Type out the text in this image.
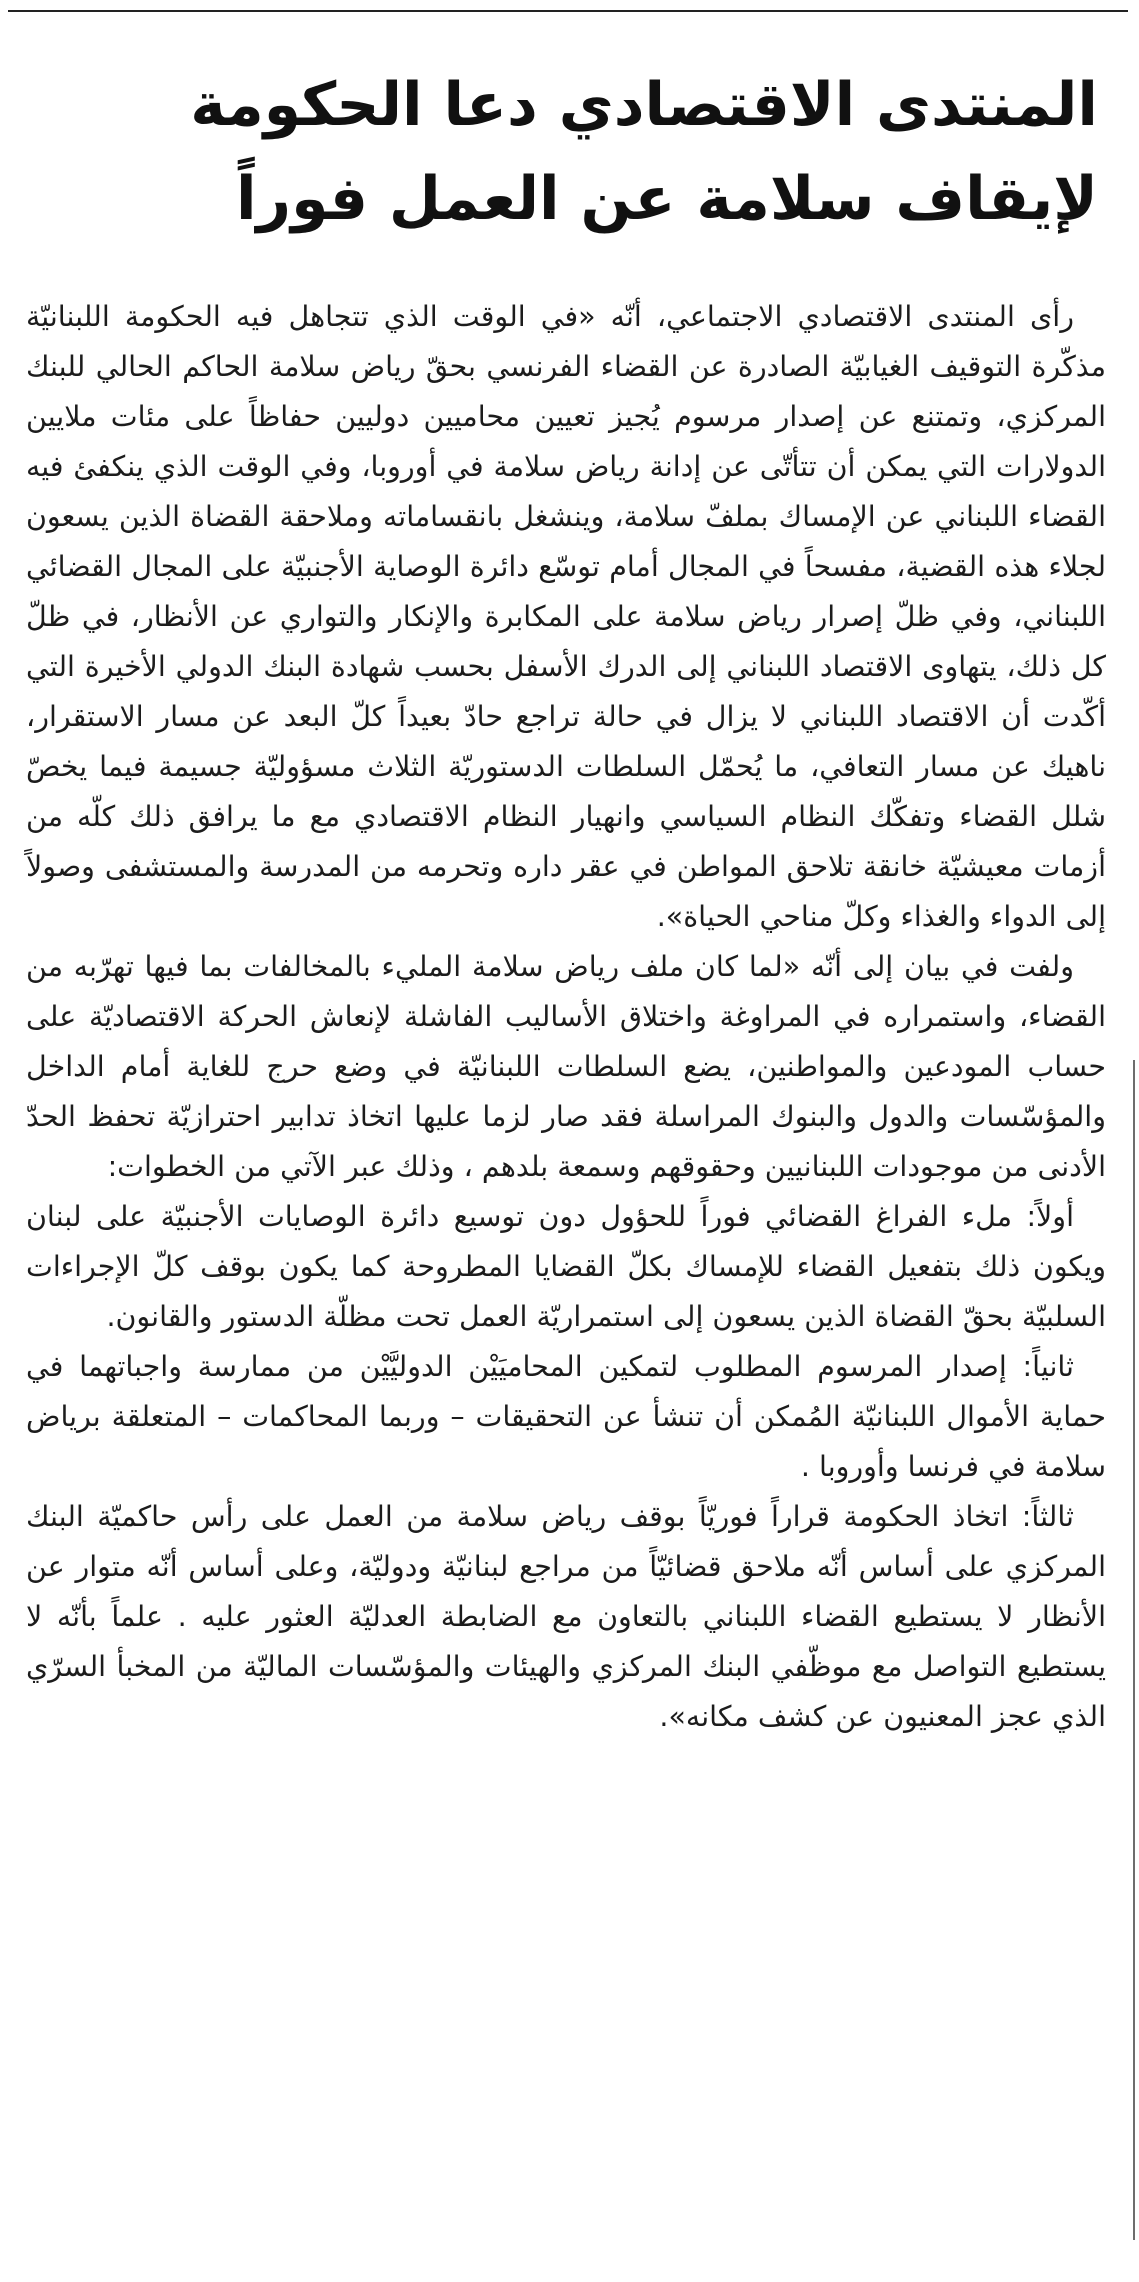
المنتدى الاقتصادي دعا الحكومة
لإيقاف سلامة عن العمل فوراً

رأى المنتدى الاقتصادي الاجتماعي، أنّه «في الوقت الذي تتجاهل فيه الحكومة اللبنانيّة مذكّرة التوقيف الغيابيّة الصادرة عن القضاء الفرنسي بحقّ رياض سلامة الحاكم الحالي للبنك المركزي، وتمتنع عن إصدار مرسوم يُجيز تعيين محاميين دوليين حفاظاً على مئات ملايين الدولارات التي يمكن أن تتأتّى عن إدانة رياض سلامة في أوروبا، وفي الوقت الذي ينكفئ فيه القضاء اللبناني عن الإمساك بملفّ سلامة، وينشغل بانقساماته وملاحقة القضاة الذين يسعون لجلاء هذه القضية، مفسحاً في المجال أمام توسّع دائرة الوصاية الأجنبيّة على المجال القضائي اللبناني، وفي ظلّ إصرار رياض سلامة على المكابرة والإنكار والتواري عن الأنظار، في ظلّ كل ذلك، يتهاوى الاقتصاد اللبناني إلى الدرك الأسفل بحسب شهادة البنك الدولي الأخيرة التي أكّدت أن الاقتصاد اللبناني لا يزال في حالة تراجع حادّ بعيداً كلّ البعد عن مسار الاستقرار، ناهيك عن مسار التعافي، ما يُحمّل السلطات الدستوريّة الثلاث مسؤوليّة جسيمة فيما يخصّ شلل القضاء وتفكّك النظام السياسي وانهيار النظام الاقتصادي مع ما يرافق ذلك كلّه من أزمات معيشيّة خانقة تلاحق المواطن في عقر داره وتحرمه من المدرسة والمستشفى وصولاً إلى الدواء والغذاء وكلّ مناحي الحياة».

ولفت في بيان إلى أنّه «لما كان ملف رياض سلامة المليء بالمخالفات بما فيها تهرّبه من القضاء، واستمراره في المراوغة واختلاق الأساليب الفاشلة لإنعاش الحركة الاقتصاديّة على حساب المودعين والمواطنين، يضع السلطات اللبنانيّة في وضع حرج للغاية أمام الداخل والمؤسّسات والدول والبنوك المراسلة فقد صار لزما عليها اتخاذ تدابير احترازيّة تحفظ الحدّ الأدنى من موجودات اللبنانيين وحقوقهم وسمعة بلدهم ، وذلك عبر الآتي من الخطوات:

أولاً: ملء الفراغ القضائي فوراً للحؤول دون توسيع دائرة الوصايات الأجنبيّة على لبنان ويكون ذلك بتفعيل القضاء للإمساك بكلّ القضايا المطروحة كما يكون بوقف كلّ الإجراءات السلبيّة بحقّ القضاة الذين يسعون إلى استمراريّة العمل تحت مظلّة الدستور والقانون.

ثانياً: إصدار المرسوم المطلوب لتمكين المحاميَيْن الدوليَّيْن من ممارسة واجباتهما في حماية الأموال اللبنانيّة المُمكن أن تنشأ عن التحقيقات – وربما المحاكمات – المتعلقة برياض سلامة في فرنسا وأوروبا .

ثالثاً: اتخاذ الحكومة قراراً فوريّاً بوقف رياض سلامة من العمل على رأس حاكميّة البنك المركزي على أساس أنّه ملاحق قضائيّاً من مراجع لبنانيّة ودوليّة، وعلى أساس أنّه متوار عن الأنظار لا يستطيع القضاء اللبناني بالتعاون مع الضابطة العدليّة العثور عليه . علماً بأنّه لا يستطيع التواصل مع موظّفي البنك المركزي والهيئات والمؤسّسات الماليّة من المخبأ السرّي الذي عجز المعنيون عن كشف مكانه».
